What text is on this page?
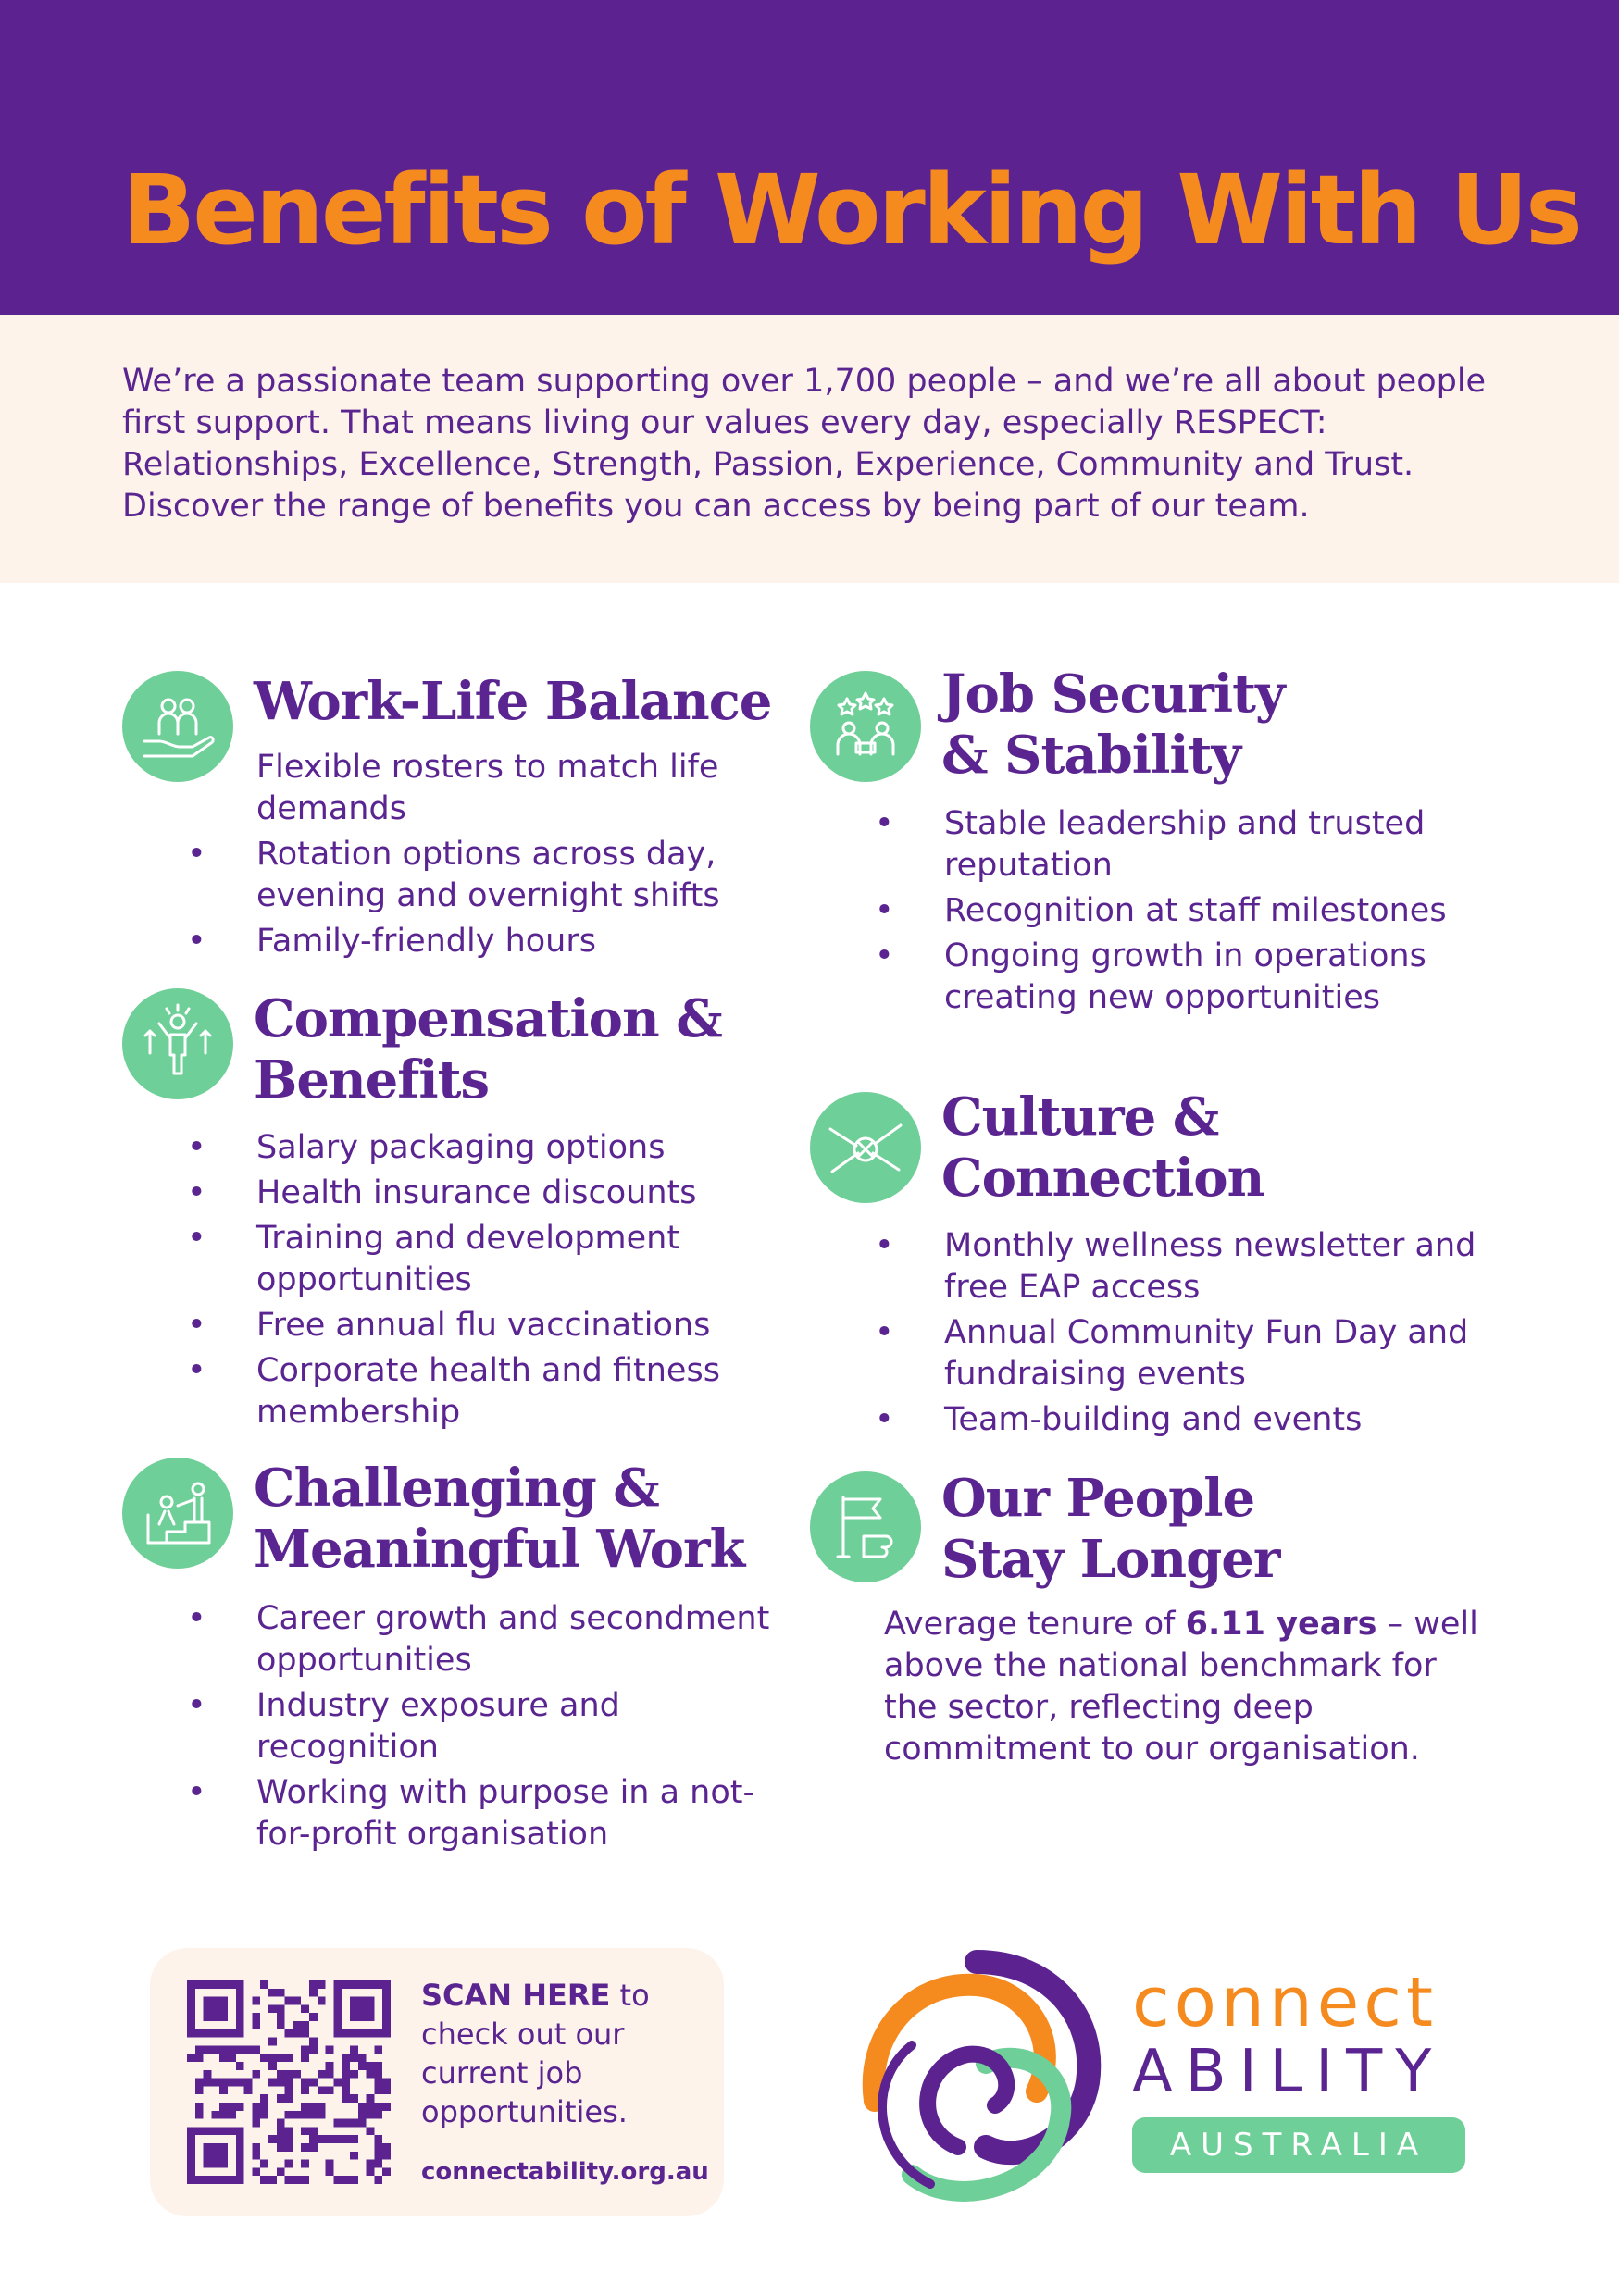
Benefits of Working With Us

We’re a passionate team supporting over 1,700 people – and we’re all about people first support. That means living our values every day, especially RESPECT: Relationships, Excellence, Strength, Passion, Experience, Community and Trust. Discover the range of benefits you can access by being part of our team.

Work-Life Balance
Flexible rosters to match life demands
• Rotation options across day, evening and overnight shifts
• Family-friendly hours
Compensation &
Benefits
• Salary packaging options
• Health insurance discounts
• Training and development opportunities
• Free annual flu vaccinations
• Corporate health and fitness membership
Challenging &
Meaningful Work
• Career growth and secondment opportunities
• Industry exposure and recognition
• Working with purpose in a not-for-profit organisation
Job Security
& Stability
• Stable leadership and trusted reputation
• Recognition at staff milestones
• Ongoing growth in operations creating new opportunities
Culture &
Connection
• Monthly wellness newsletter and free EAP access
• Annual Community Fun Day and fundraising events
• Team-building and events
Our People
Stay Longer

Average tenure of 6.11 years – well above the national benchmark for the sector, reflecting deep commitment to our organisation.

SCAN HERE to check out our current job opportunities.

connectability.org.au

connect

ABILITY

AUSTRALIA
